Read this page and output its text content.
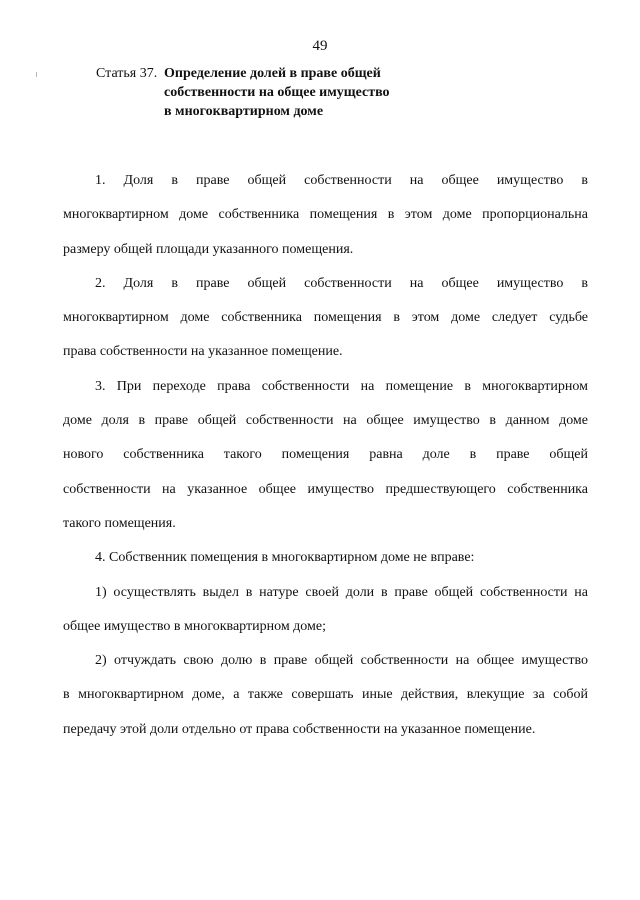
49
Статья 37. Определение долей в праве общей
собственности на общее имущество
в многоквартирном доме
1. Доля в праве общей собственности на общее имущество в
многоквартирном доме собственника помещения в этом доме пропорциональна
размеру общей площади указанного помещения.
2. Доля в праве общей собственности на общее имущество в
многоквартирном доме собственника помещения в этом доме следует судьбе
права собственности на указанное помещение.
3. При переходе права собственности на помещение в многоквартирном
доме доля в праве общей собственности на общее имущество в данном доме
нового собственника такого помещения равна доле в праве общей
собственности на указанное общее имущество предшествующего собственника
такого помещения.
4. Собственник помещения в многоквартирном доме не вправе:
1) осуществлять выдел в натуре своей доли в праве общей собственности на
общее имущество в многоквартирном доме;
2) отчуждать свою долю в праве общей собственности на общее имущество
в многоквартирном доме, а также совершать иные действия, влекущие за собой
передачу этой доли отдельно от права собственности на указанное помещение.
